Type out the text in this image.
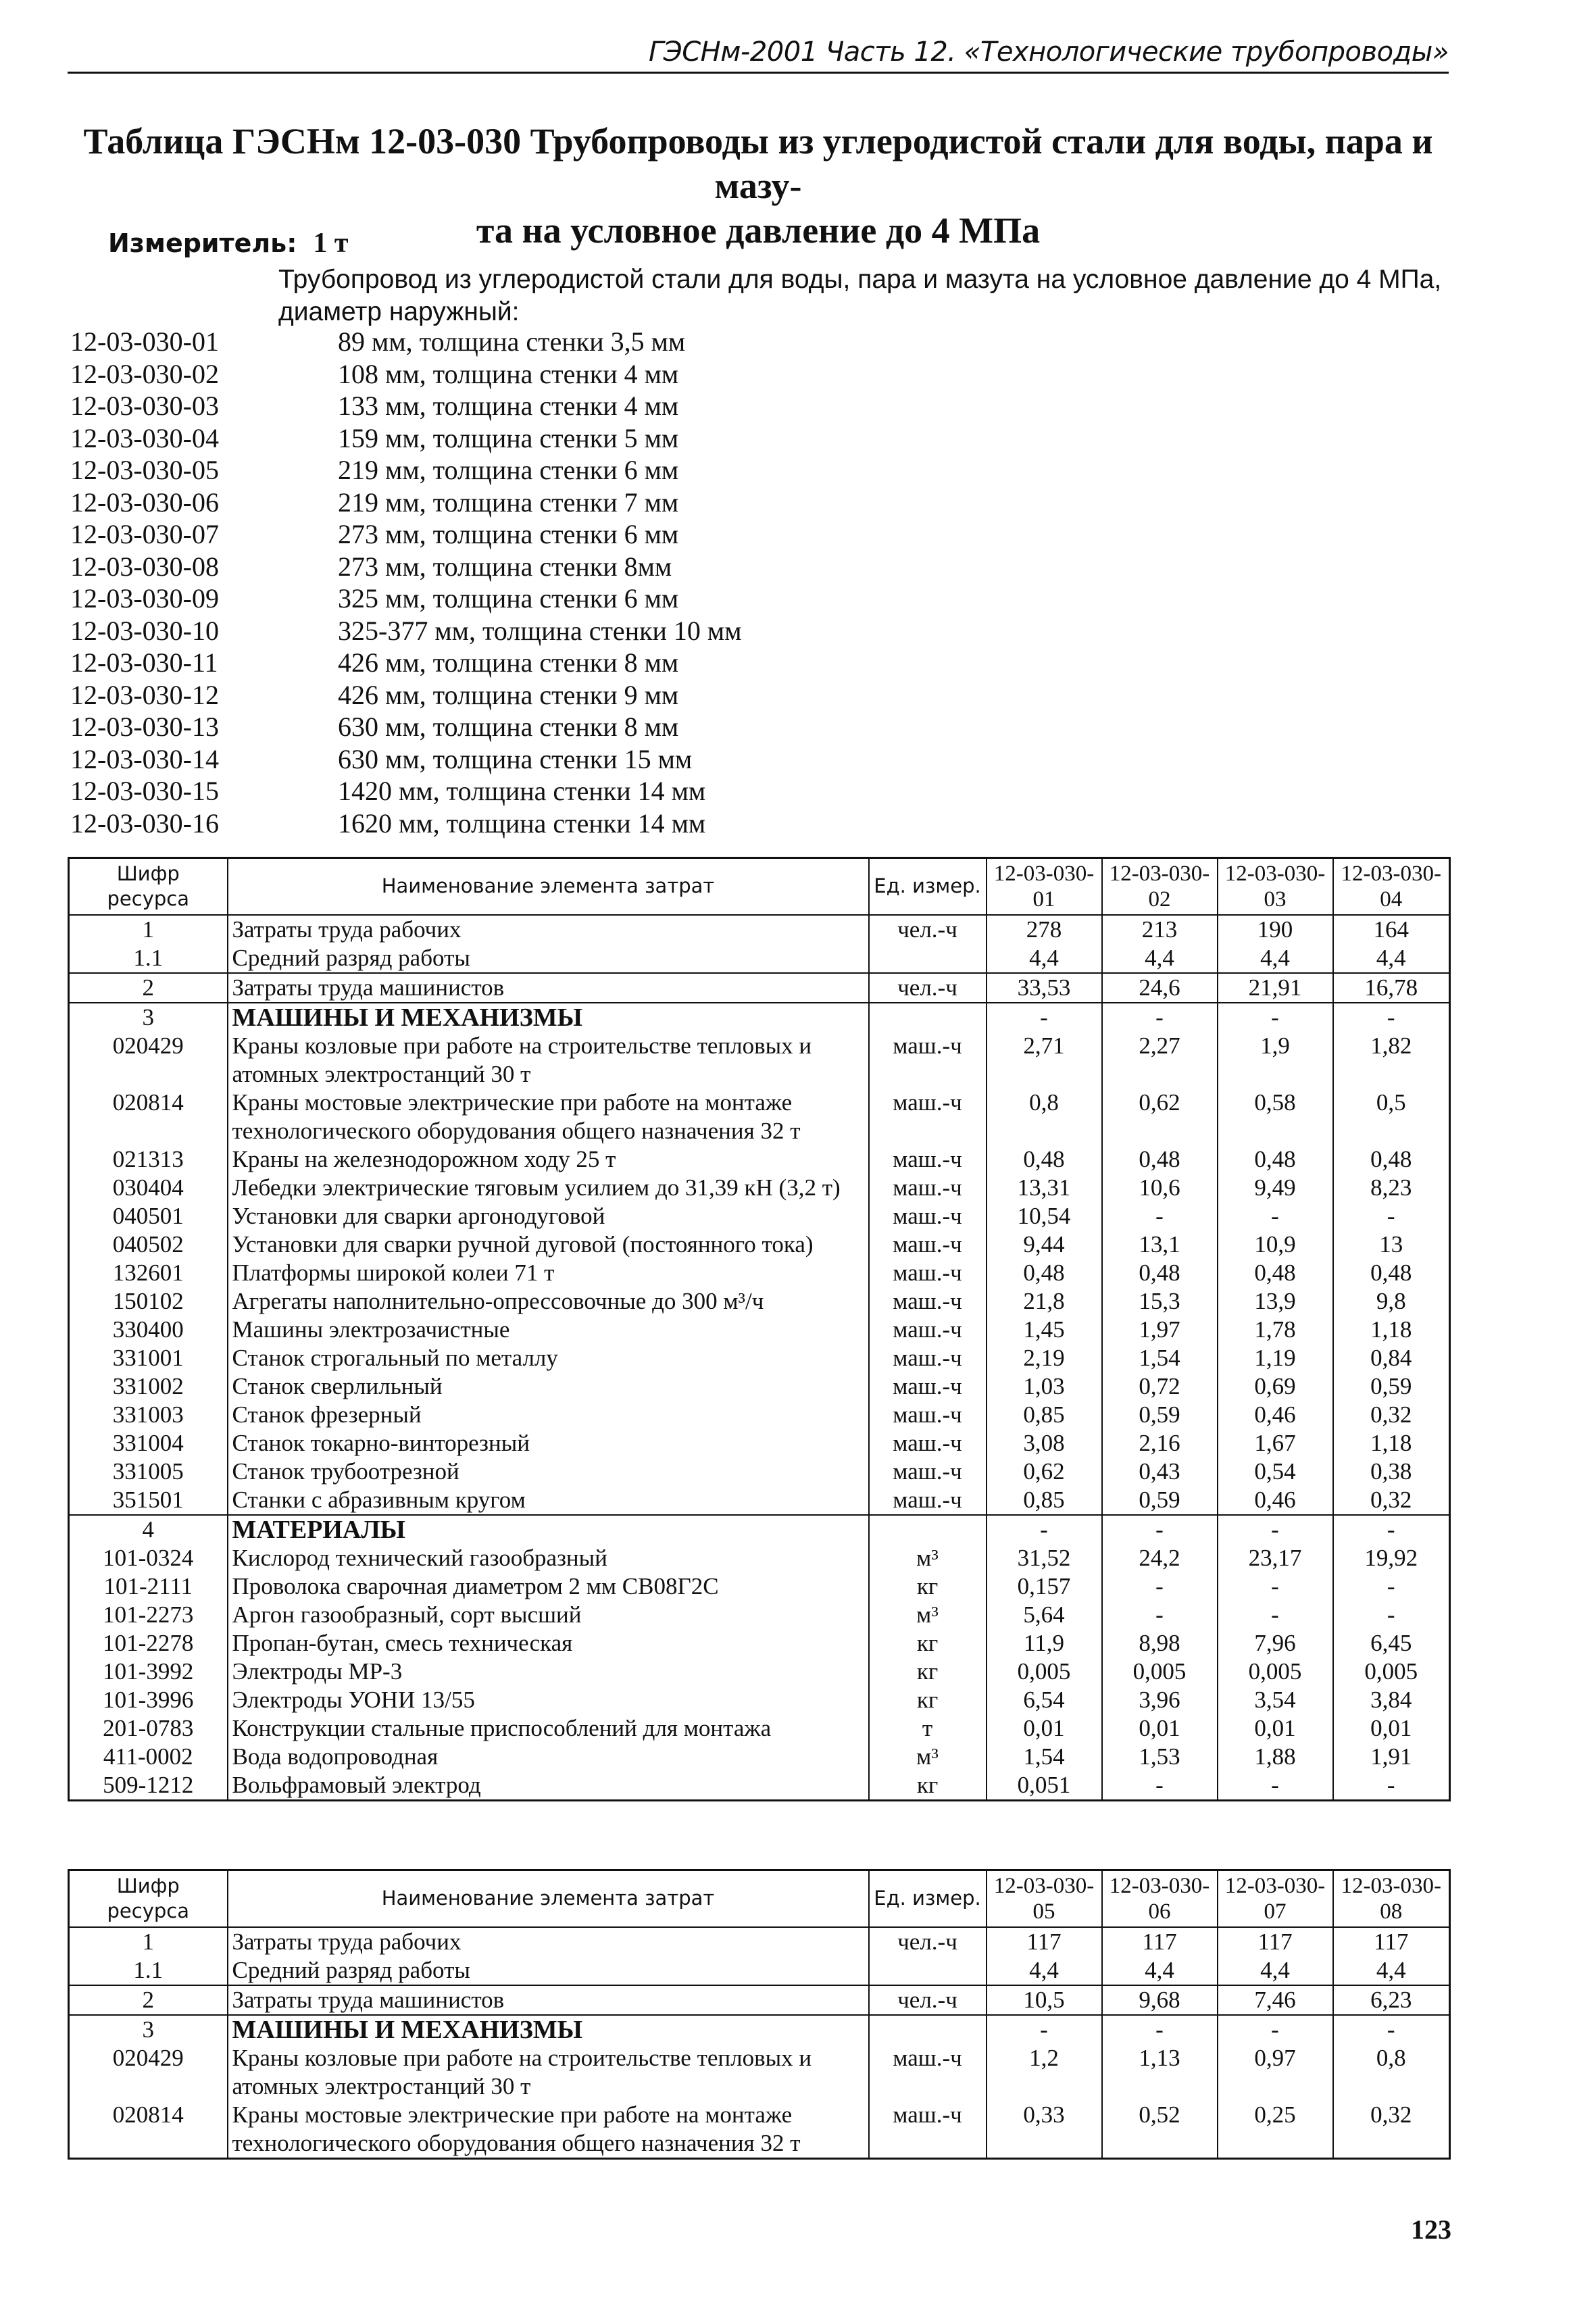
ГЭСНм-2001 Часть 12. «Технологические трубопроводы»
Таблица ГЭСНм 12-03-030 Трубопроводы из углеродистой стали для воды, пара и мазу-
та на условное давление до 4 МПа
Измеритель: 1 т
Трубопровод из углеродистой стали для воды, пара и мазута на условное давление до 4 МПа,
диаметр наружный:
12-03-030-01	89 мм, толщина стенки 3,5 мм
12-03-030-02	108 мм, толщина стенки 4 мм
12-03-030-03	133 мм, толщина стенки 4 мм
12-03-030-04	159 мм, толщина стенки 5 мм
12-03-030-05	219 мм, толщина стенки 6 мм
12-03-030-06	219 мм, толщина стенки 7 мм
12-03-030-07	273 мм, толщина стенки 6 мм
12-03-030-08	273 мм, толщина стенки 8мм
12-03-030-09	325 мм, толщина стенки 6 мм
12-03-030-10	325-377 мм, толщина стенки 10 мм
12-03-030-11	426 мм, толщина стенки 8 мм
12-03-030-12	426 мм, толщина стенки 9 мм
12-03-030-13	630 мм, толщина стенки 8 мм
12-03-030-14	630 мм, толщина стенки 15 мм
12-03-030-15	1420 мм, толщина стенки 14 мм
12-03-030-16	1620 мм, толщина стенки 14 мм
Шифр ресурса	Наименование элемента затрат	Ед. измер.	12-03-030-01	12-03-030-02	12-03-030-03	12-03-030-04
1	Затраты труда рабочих	чел.-ч	278	213	190	164
1.1	Средний разряд работы		4,4	4,4	4,4	4,4
2	Затраты труда машинистов	чел.-ч	33,53	24,6	21,91	16,78
3	МАШИНЫ И МЕХАНИЗМЫ		-	-	-	-
020429	Краны козловые при работе на строительстве тепловых и атомных электростанций 30 т	маш.-ч	2,71	2,27	1,9	1,82
020814	Краны мостовые электрические при работе на монтаже технологического оборудования общего назначения 32 т	маш.-ч	0,8	0,62	0,58	0,5
021313	Краны на железнодорожном ходу 25 т	маш.-ч	0,48	0,48	0,48	0,48
030404	Лебедки электрические тяговым усилием до 31,39 кН (3,2 т)	маш.-ч	13,31	10,6	9,49	8,23
040501	Установки для сварки аргонодуговой	маш.-ч	10,54	-	-	-
040502	Установки для сварки ручной дуговой (постоянного тока)	маш.-ч	9,44	13,1	10,9	13
132601	Платформы широкой колеи 71 т	маш.-ч	0,48	0,48	0,48	0,48
150102	Агрегаты наполнительно-опрессовочные до 300 м³/ч	маш.-ч	21,8	15,3	13,9	9,8
330400	Машины электрозачистные	маш.-ч	1,45	1,97	1,78	1,18
331001	Станок строгальный по металлу	маш.-ч	2,19	1,54	1,19	0,84
331002	Станок сверлильный	маш.-ч	1,03	0,72	0,69	0,59
331003	Станок фрезерный	маш.-ч	0,85	0,59	0,46	0,32
331004	Станок токарно-винторезный	маш.-ч	3,08	2,16	1,67	1,18
331005	Станок трубоотрезной	маш.-ч	0,62	0,43	0,54	0,38
351501	Станки с абразивным кругом	маш.-ч	0,85	0,59	0,46	0,32
4	МАТЕРИАЛЫ		-	-	-	-
101-0324	Кислород технический газообразный	м³	31,52	24,2	23,17	19,92
101-2111	Проволока сварочная диаметром 2 мм СВ08Г2С	кг	0,157	-	-	-
101-2273	Аргон газообразный, сорт высший	м³	5,64	-	-	-
101-2278	Пропан-бутан, смесь техническая	кг	11,9	8,98	7,96	6,45
101-3992	Электроды МР-3	кг	0,005	0,005	0,005	0,005
101-3996	Электроды УОНИ 13/55	кг	6,54	3,96	3,54	3,84
201-0783	Конструкции стальные приспособлений для монтажа	т	0,01	0,01	0,01	0,01
411-0002	Вода водопроводная	м³	1,54	1,53	1,88	1,91
509-1212	Вольфрамовый электрод	кг	0,051	-	-	-
Шифр ресурса	Наименование элемента затрат	Ед. измер.	12-03-030-05	12-03-030-06	12-03-030-07	12-03-030-08
1	Затраты труда рабочих	чел.-ч	117	117	117	117
1.1	Средний разряд работы		4,4	4,4	4,4	4,4
2	Затраты труда машинистов	чел.-ч	10,5	9,68	7,46	6,23
3	МАШИНЫ И МЕХАНИЗМЫ		-	-	-	-
020429	Краны козловые при работе на строительстве тепловых и атомных электростанций 30 т	маш.-ч	1,2	1,13	0,97	0,8
020814	Краны мостовые электрические при работе на монтаже технологического оборудования общего назначения 32 т	маш.-ч	0,33	0,52	0,25	0,32
123
